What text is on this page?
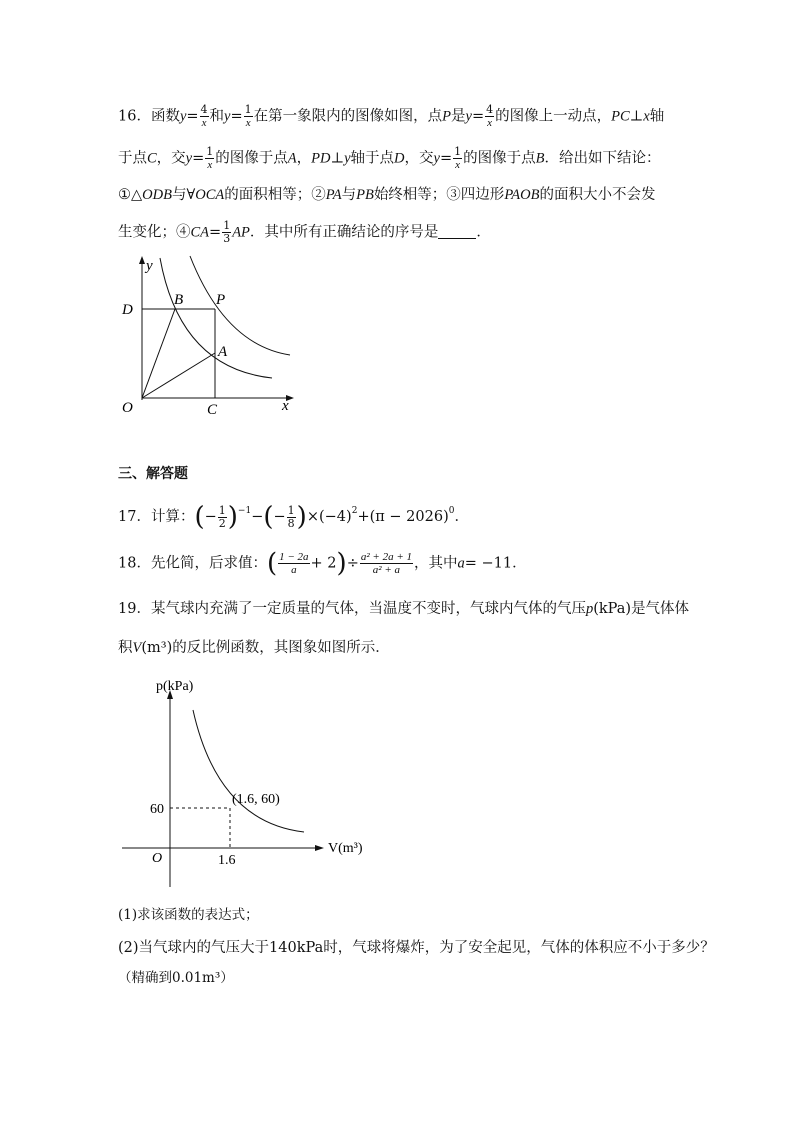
16．函数$y= \frac{4}{x}$ 和$y= \frac{1}{x}$ 在第一象限内的图像如图，点P是$y= \frac{4}{x}$ 的图像上一动点，PC⊥x轴
于点C，交$y= \frac{1}{x}$ 的图像于点A，PD⊥y轴于点D，交$y= \frac{1}{x}$ 的图像于点B．给出如下结论：
①△ODB与∀OCA的面积相等；②PA与PB始终相等；③四边形PAOB的面积大小不会发
生变化；④CA= $\frac{1}{3}$ AP．其中所有正确结论的序号是	．
y
x
O
D
B P
A
C
三、解答题
17．计算：(− $\frac{1}{2} )^{-1}-(- \frac{1}{8} )\times(-4)^2+(\pi - 2026)^0$．
18．先化简，后求值：( $\frac{1 - 2a}{a} + 2)\div \frac{\text{a² + 2a + 1}}{\text{a² + a}}$ ，其中a= −11．
19．某气球内充满了一定质量的气体，当温度不变时，气球内气体的气压p(kPa)是气体体
积V(m³)的反比例函数，其图象如图所示．
p(kPa)
V(m³)
O
60
1.6
(1.6, 60)
(1)求该函数的表达式；
(2)当气球内的气压大于140kPa时，气球将爆炸，为了安全起见，气体的体积应不小于多少？
（精确到0.01m³）
